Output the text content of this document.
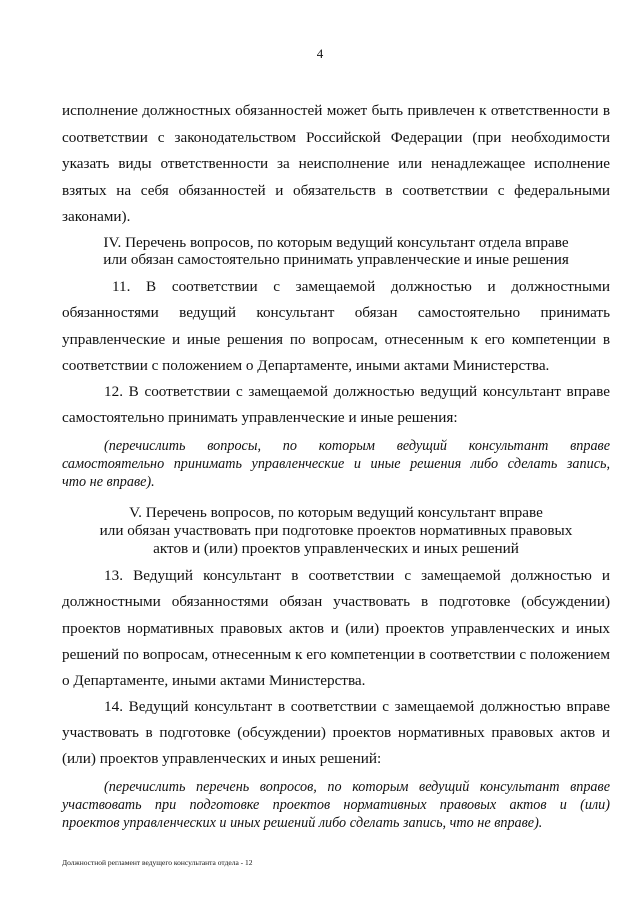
4
исполнение должностных обязанностей может быть привлечен к ответственности в
соответствии с законодательством Российской Федерации (при необходимости
указать виды ответственности за неисполнение или ненадлежащее исполнение
взятых на себя обязанностей и обязательств в соответствии с федеральными
законами).
IV. Перечень вопросов, по которым ведущий консультант отдела вправе
или обязан самостоятельно принимать управленческие и иные решения
11. В соответствии с замещаемой должностью и должностными
обязанностями ведущий консультант обязан самостоятельно принимать
управленческие и иные решения по вопросам, отнесенным к его компетенции в
соответствии с положением о Департаменте, иными актами Министерства.
12. В соответствии с замещаемой должностью ведущий консультант вправе
самостоятельно принимать управленческие и иные решения:
(перечислить вопросы, по которым ведущий консультант вправе
самостоятельно принимать управленческие и иные решения либо сделать запись,
что не вправе).
V. Перечень вопросов, по которым ведущий консультант вправе
или обязан участвовать при подготовке проектов нормативных правовых
актов и (или) проектов управленческих и иных решений
13. Ведущий консультант в соответствии с замещаемой должностью и
должностными обязанностями обязан участвовать в подготовке (обсуждении)
проектов нормативных правовых актов и (или) проектов управленческих и иных
решений по вопросам, отнесенным к его компетенции в соответствии с положением
о Департаменте, иными актами Министерства.
14. Ведущий консультант в соответствии с замещаемой должностью вправе
участвовать в подготовке (обсуждении) проектов нормативных правовых актов и
(или) проектов управленческих и иных решений:
(перечислить перечень вопросов, по которым ведущий консультант вправе
участвовать при подготовке проектов нормативных правовых актов и (или)
проектов управленческих и иных решений либо сделать запись, что не вправе).
Должностной регламент ведущего консультанта отдела - 12
